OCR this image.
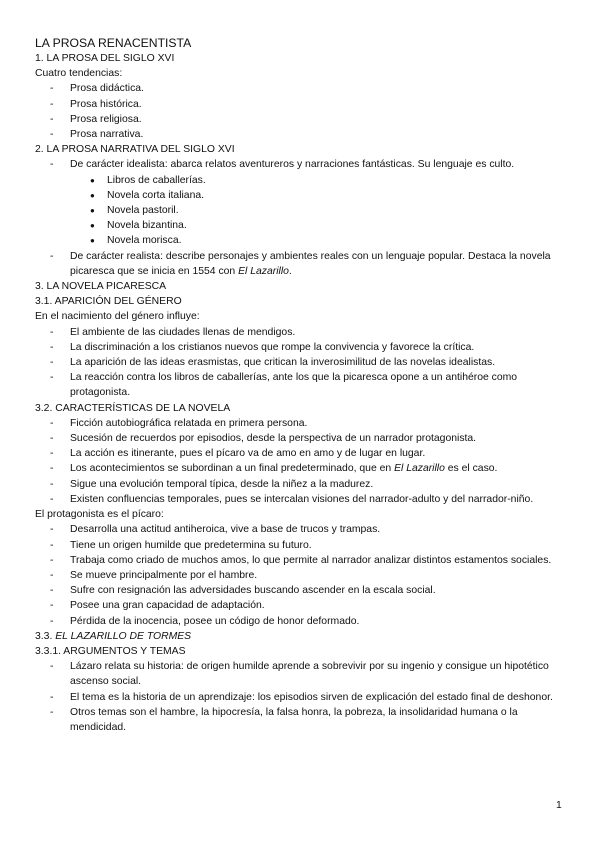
LA PROSA RENACENTISTA
1. LA PROSA DEL SIGLO XVI
Cuatro tendencias:
- Prosa didáctica.
- Prosa histórica.
- Prosa religiosa.
- Prosa narrativa.
2. LA PROSA NARRATIVA DEL SIGLO XVI
- De carácter idealista: abarca relatos aventureros y narraciones fantásticas. Su lenguaje es culto.
● Libros de caballerías.
● Novela corta italiana.
● Novela pastoril.
● Novela bizantina.
● Novela morisca.
- De carácter realista: describe personajes y ambientes reales con un lenguaje popular. Destaca la novela picaresca que se inicia en 1554 con El Lazarillo.
3. LA NOVELA PICARESCA
3.1. APARICIÓN DEL GÉNERO
En el nacimiento del género influye:
- El ambiente de las ciudades llenas de mendigos.
- La discriminación a los cristianos nuevos que rompe la convivencia y favorece la crítica.
- La aparición de las ideas erasmistas, que critican la inverosimilitud de las novelas idealistas.
- La reacción contra los libros de caballerías, ante los que la picaresca opone a un antihéroe como protagonista.
3.2. CARACTERÍSTICAS DE LA NOVELA
- Ficción autobiográfica relatada en primera persona.
- Sucesión de recuerdos por episodios, desde la perspectiva de un narrador protagonista.
- La acción es itinerante, pues el pícaro va de amo en amo y de lugar en lugar.
- Los acontecimientos se subordinan a un final predeterminado, que en El Lazarillo es el caso.
- Sigue una evolución temporal típica, desde la niñez a la madurez.
- Existen confluencias temporales, pues se intercalan visiones del narrador-adulto y del narrador-niño.
El protagonista es el pícaro:
- Desarrolla una actitud antiheroica, vive a base de trucos y trampas.
- Tiene un origen humilde que predetermina su futuro.
- Trabaja como criado de muchos amos, lo que permite al narrador analizar distintos estamentos sociales.
- Se mueve principalmente por el hambre.
- Sufre con resignación las adversidades buscando ascender en la escala social.
- Posee una gran capacidad de adaptación.
- Pérdida de la inocencia, posee un código de honor deformado.
3.3. EL LAZARILLO DE TORMES
3.3.1. ARGUMENTOS Y TEMAS
- Lázaro relata su historia: de origen humilde aprende a sobrevivir por su ingenio y consigue un hipotético ascenso social.
- El tema es la historia de un aprendizaje: los episodios sirven de explicación del estado final de deshonor.
- Otros temas son el hambre, la hipocresía, la falsa honra, la pobreza, la insolidaridad humana o la mendicidad.
1
